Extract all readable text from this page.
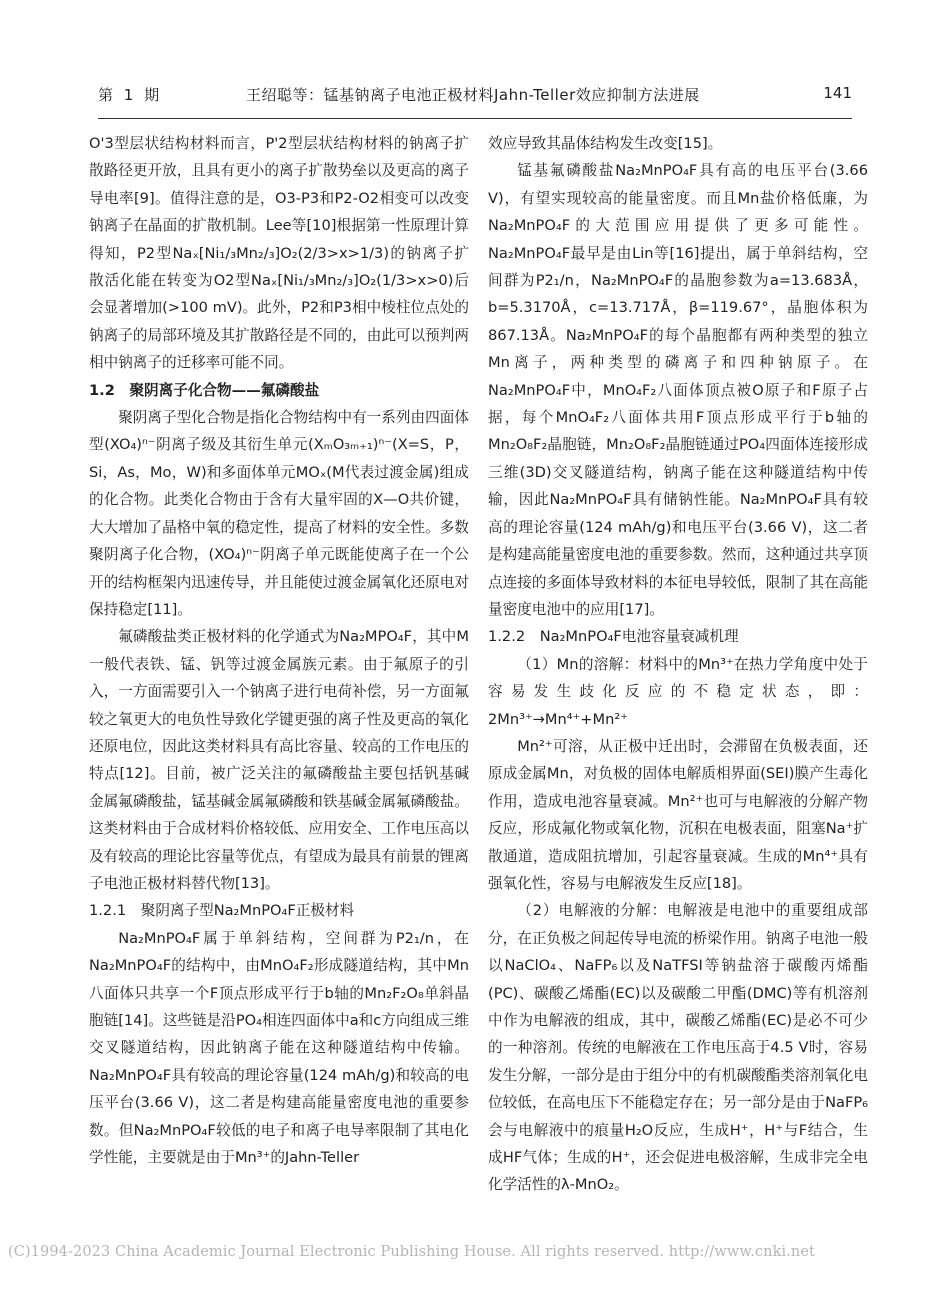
第 1 期	王绍聪等：锰基钠离子电池正极材料Jahn-Teller效应抑制方法进展	141

O'3型层状结构材料而言，P'2型层状结构材料的钠离子扩散路径更开放，且具有更小的离子扩散势垒以及更高的离子导电率[9]。值得注意的是，O3-P3和P2-O2相变可以改变钠离子在晶面的扩散机制。Lee等[10]根据第一性原理计算得知，P2型Naₓ[Ni₁/₃Mn₂/₃]O₂(2/3>x>1/3)的钠离子扩散活化能在转变为O2型Naₓ[Ni₁/₃Mn₂/₃]O₂(1/3>x>0)后会显著增加(>100 mV)。此外，P2和P3相中棱柱位点处的钠离子的局部环境及其扩散路径是不同的，由此可以预判两相中钠离子的迁移率可能不同。

1.2　聚阴离子化合物——氟磷酸盐

聚阴离子型化合物是指化合物结构中有一系列由四面体型(XO₄)ⁿ⁻阴离子级及其衍生单元(XₘO₃ₘ₊₁)ⁿ⁻(X=S，P，Si，As，Mo，W)和多面体单元MOₓ(M代表过渡金属)组成的化合物。此类化合物由于含有大量牢固的X—O共价键，大大增加了晶格中氧的稳定性，提高了材料的安全性。多数聚阴离子化合物，(XO₄)ⁿ⁻阴离子单元既能使离子在一个公开的结构框架内迅速传导，并且能使过渡金属氧化还原电对保持稳定[11]。

氟磷酸盐类正极材料的化学通式为Na₂MPO₄F，其中M一般代表铁、锰、钒等过渡金属族元素。由于氟原子的引入，一方面需要引入一个钠离子进行电荷补偿，另一方面氟较之氧更大的电负性导致化学键更强的离子性及更高的氧化还原电位，因此这类材料具有高比容量、较高的工作电压的特点[12]。目前，被广泛关注的氟磷酸盐主要包括钒基碱金属氟磷酸盐，锰基碱金属氟磷酸和铁基碱金属氟磷酸盐。这类材料由于合成材料价格较低、应用安全、工作电压高以及有较高的理论比容量等优点，有望成为最具有前景的锂离子电池正极材料替代物[13]。

1.2.1　聚阴离子型Na₂MnPO₄F正极材料

Na₂MnPO₄F属于单斜结构，空间群为P2₁/n，在Na₂MnPO₄F的结构中，由MnO₄F₂形成隧道结构，其中Mn八面体只共享一个F顶点形成平行于b轴的Mn₂F₂O₈单斜晶胞链[14]。这些链是沿PO₄相连四面体中a和c方向组成三维交叉隧道结构，因此钠离子能在这种隧道结构中传输。Na₂MnPO₄F具有较高的理论容量(124 mAh/g)和较高的电压平台(3.66 V)，这二者是构建高能量密度电池的重要参数。但Na₂MnPO₄F较低的电子和离子电导率限制了其电化学性能，主要就是由于Mn³⁺的Jahn-Teller

效应导致其晶体结构发生改变[15]。

锰基氟磷酸盐Na₂MnPO₄F具有高的电压平台(3.66 V)，有望实现较高的能量密度。而且Mn盐价格低廉，为Na₂MnPO₄F的大范围应用提供了更多可能性。Na₂MnPO₄F最早是由Lin等[16]提出，属于单斜结构，空间群为P2₁/n，Na₂MnPO₄F的晶胞参数为a=13.683Å，b=5.3170Å，c=13.717Å，β=119.67°，晶胞体积为867.13Å。Na₂MnPO₄F的每个晶胞都有两种类型的独立Mn离子，两种类型的磷离子和四种钠原子。在Na₂MnPO₄F中，MnO₄F₂八面体顶点被O原子和F原子占据，每个MnO₄F₂八面体共用F顶点形成平行于b轴的Mn₂O₈F₂晶胞链，Mn₂O₈F₂晶胞链通过PO₄四面体连接形成三维(3D)交叉隧道结构，钠离子能在这种隧道结构中传输，因此Na₂MnPO₄F具有储钠性能。Na₂MnPO₄F具有较高的理论容量(124 mAh/g)和电压平台(3.66 V)，这二者是构建高能量密度电池的重要参数。然而，这种通过共享顶点连接的多面体导致材料的本征电导较低，限制了其在高能量密度电池中的应用[17]。

1.2.2　Na₂MnPO₄F电池容量衰减机理

（1）Mn的溶解：材料中的Mn³⁺在热力学角度中处于容易发生歧化反应的不稳定状态，即：2Mn³⁺→Mn⁴⁺+Mn²⁺

Mn²⁺可溶，从正极中迁出时，会滞留在负极表面，还原成金属Mn，对负极的固体电解质相界面(SEI)膜产生毒化作用，造成电池容量衰减。Mn²⁺也可与电解液的分解产物反应，形成氟化物或氧化物，沉积在电极表面，阻塞Na⁺扩散通道，造成阻抗增加，引起容量衰减。生成的Mn⁴⁺具有强氧化性，容易与电解液发生反应[18]。

（2）电解液的分解：电解液是电池中的重要组成部分，在正负极之间起传导电流的桥梁作用。钠离子电池一般以NaClO₄、NaFP₆以及NaTFSI等钠盐溶于碳酸丙烯酯(PC)、碳酸乙烯酯(EC)以及碳酸二甲酯(DMC)等有机溶剂中作为电解液的组成，其中，碳酸乙烯酯(EC)是必不可少的一种溶剂。传统的电解液在工作电压高于4.5 V时，容易发生分解，一部分是由于组分中的有机碳酸酯类溶剂氧化电位较低，在高电压下不能稳定存在；另一部分是由于NaFP₆会与电解液中的痕量H₂O反应，生成H⁺，H⁺与F结合，生成HF气体；生成的H⁺，还会促进电极溶解，生成非完全电化学活性的λ-MnO₂。

(C)1994-2023 China Academic Journal Electronic Publishing House. All rights reserved. http://www.cnki.net
